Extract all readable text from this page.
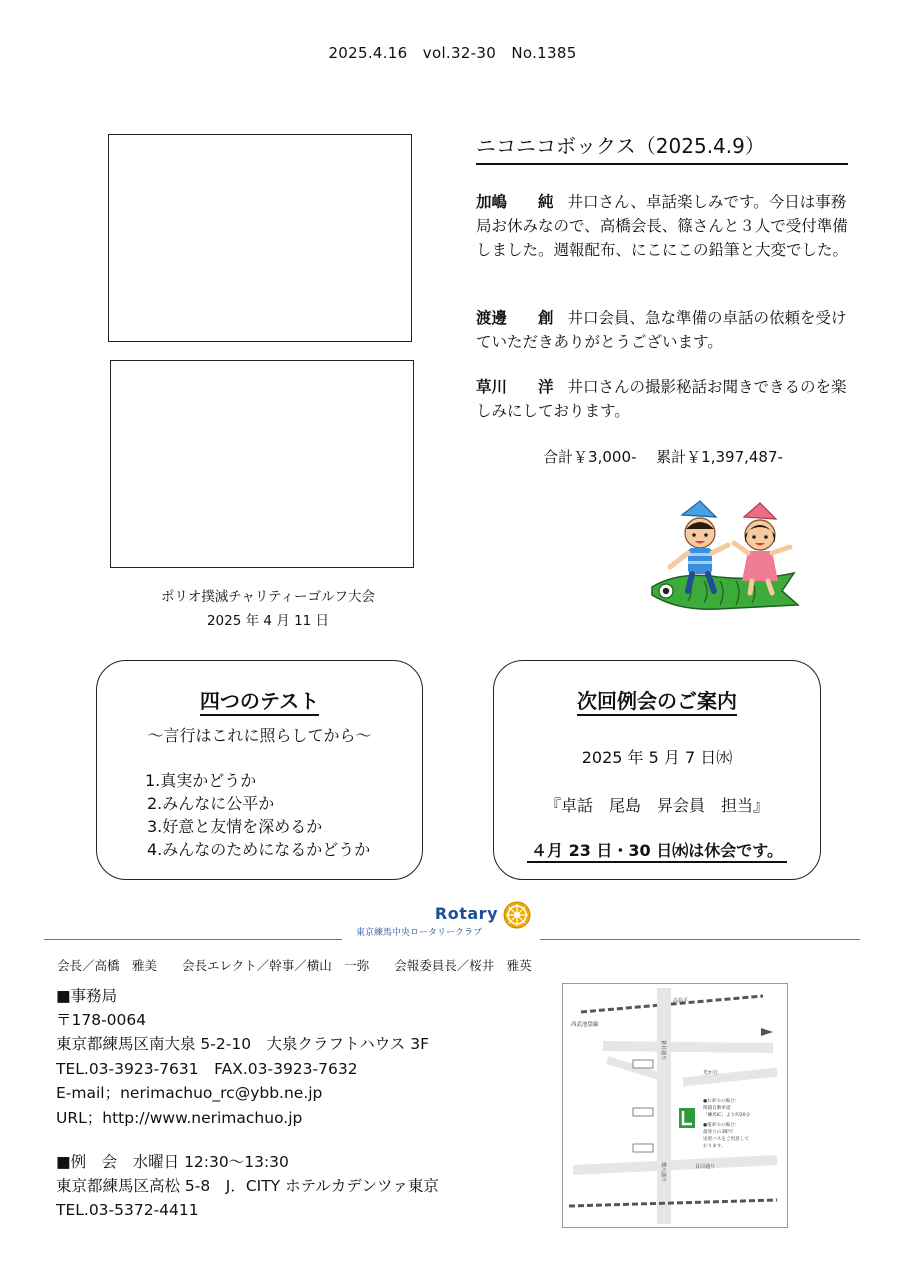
2025.4.16　vol.32-30　No.1385
ポリオ撲滅チャリティーゴルフ大会
2025 年 4 月 11 日
ニコニコボックス（2025.4.9）
加嶋　　純 井口さん、卓話楽しみです。今日は事務局お休みなので、高橋会長、篠さんと３人で受付準備しました。週報配布、にこにこの鉛筆と大変でした。
渡邊　　創 井口会員、急な準備の卓話の依頼を受けていただきありがとうございます。
草川　　洋 井口さんの撮影秘話お聞きできるのを楽しみにしております。
合計￥3,000-　 累計￥1,397,487-
四つのテスト
～言行はこれに照らしてから～
1.真実かどうか
2.みんなに公平か
3.好意と友情を深めるか
4.みんなのためになるかどうか
次回例会のご案内
2025 年 5 月 7 日㈬
『卓話　尾島　昇会員　担当』
４月 23 日・30 日㈬は休会です。
Rotary
東京練馬中央ロータリークラブ
会長／高橋　雅美　　会長エレクト／幹事／横山　一弥　　会報委員長／桜井　雅英
■事務局
〒178-0064
東京都練馬区南大泉 5-2-10　大泉クラフトハウス 3F
TEL.03-3923-7631　FAX.03-3923-7632
E-mail；nerimachuo_rc@ybb.ne.jp
URL；http://www.nerimachuo.jp
■例　会　水曜日 12:30～13:30
東京都練馬区高松 5-8　J．CITY ホテルカデンツァ東京
TEL.03-5372-4411
高島平
西武池袋線
笹目通り
環八通り	目白通り
光が丘
●お車での場合：
関越自動車道
「練馬IC」より約20分
●電車での場合：
最寄りの3駅で
送迎バスをご用意して
おります。
